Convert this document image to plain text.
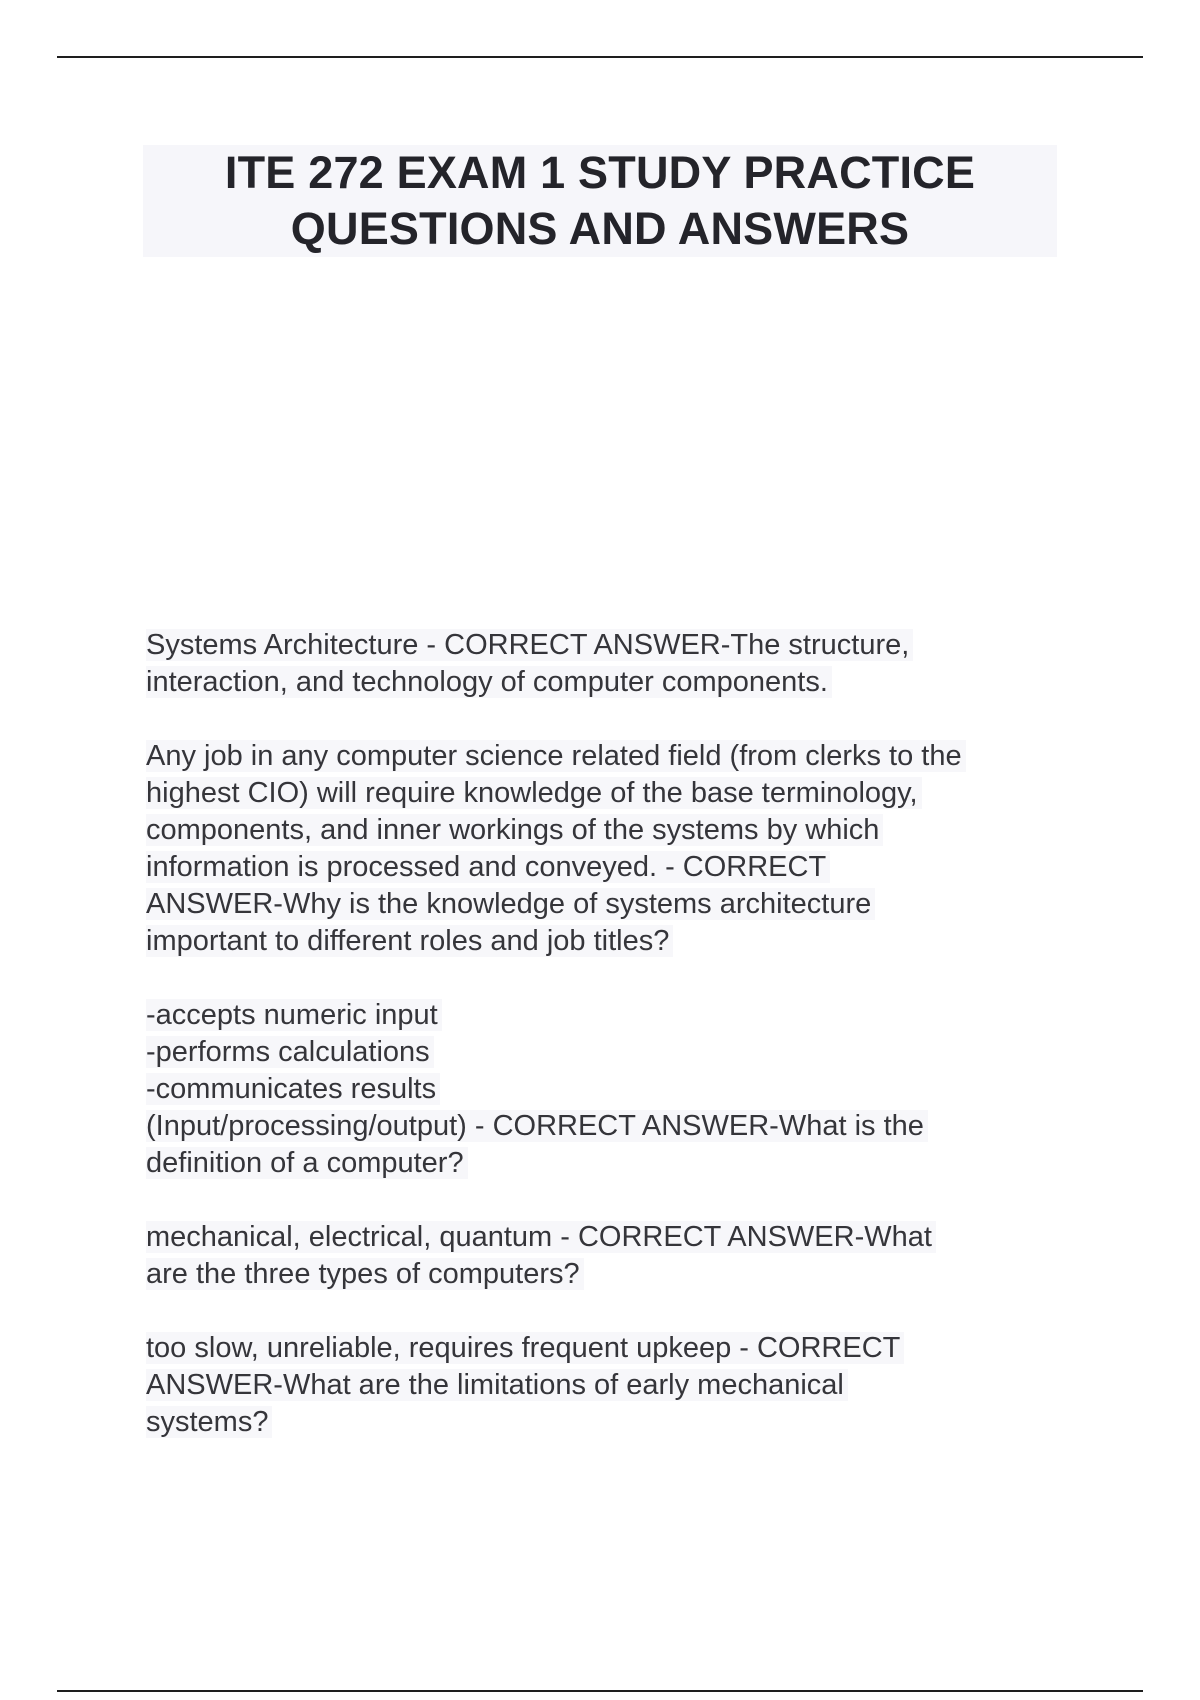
ITE 272 EXAM 1 STUDY PRACTICE
QUESTIONS AND ANSWERS
Systems Architecture - CORRECT ANSWER-The structure,
interaction, and technology of computer components.
Any job in any computer science related field (from clerks to the
highest CIO) will require knowledge of the base terminology,
components, and inner workings of the systems by which
information is processed and conveyed. - CORRECT
ANSWER-Why is the knowledge of systems architecture
important to different roles and job titles?
-accepts numeric input
-performs calculations
-communicates results
(Input/processing/output) - CORRECT ANSWER-What is the
definition of a computer?
mechanical, electrical, quantum - CORRECT ANSWER-What
are the three types of computers?
too slow, unreliable, requires frequent upkeep - CORRECT
ANSWER-What are the limitations of early mechanical
systems?
